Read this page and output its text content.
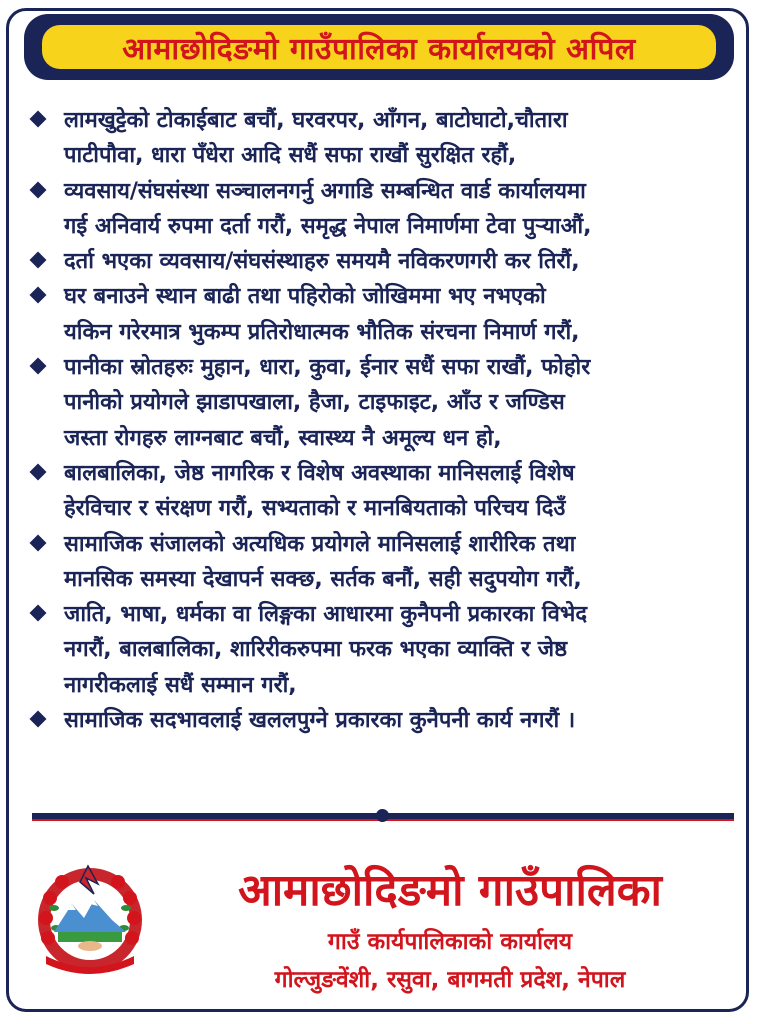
आमाछोदिङमो गाउँपालिका कार्यालयको अपिल
लामखुट्टेको टोकाईबाट बचौं, घरवरपर, आँगन, बाटोघाटो,चौतारा
पाटीपौवा, धारा पँधेरा आदि सधैं सफा राखौं सुरक्षित रहौं,
व्यवसाय/संघसंस्था सञ्चालनगर्नु अगाडि सम्बन्धित वार्ड कार्यालयमा
गई अनिवार्य रुपमा दर्ता गरौं, समृद्ध नेपाल निमार्णमा टेवा पुऱ्याऔं,
दर्ता भएका व्यवसाय/संघसंस्थाहरु समयमै नविकरणगरी कर तिरौं,
घर बनाउने स्थान बाढी तथा पहिरोको जोखिममा भए नभएको
यकिन गरेरमात्र भुकम्प प्रतिरोधात्मक भौतिक संरचना निमार्ण गरौं,
पानीका स्रोतहरुः मुहान, धारा, कुवा, ईनार सधैं सफा राखौं, फोहोर
पानीको प्रयोगले झाडापखाला, हैजा, टाइफाइट, आँउ र जण्डिस
जस्ता रोगहरु लाग्नबाट बचौं, स्वास्थ्य नै अमूल्य धन हो,
बालबालिका, जेष्ठ नागरिक र विशेष अवस्थाका मानिसलाई विशेष
हेरविचार र संरक्षण गरौं, सभ्यताको र मानबियताको परिचय दिउँ
सामाजिक संजालको अत्यधिक प्रयोगले मानिसलाई शारीरिक तथा
मानसिक समस्या देखापर्न सक्छ, सर्तक बनौं, सही सदुपयोग गरौं,
जाति, भाषा, धर्मका वा लिङ्गका आधारमा कुनैपनी प्रकारका विभेद
नगरौं, बालबालिका, शारिरीकरुपमा फरक भएका व्याक्ति र जेष्ठ
नागरीकलाई सधैं सम्मान गरौं,
सामाजिक सदभावलाई खललपुग्ने प्रकारका कुनैपनी कार्य नगरौं ।
आमाछोदिङमो गाउँपालिका
गाउँ कार्यपालिकाको कार्यालय
गोल्जुङवेंशी, रसुवा, बागमती प्रदेश, नेपाल
